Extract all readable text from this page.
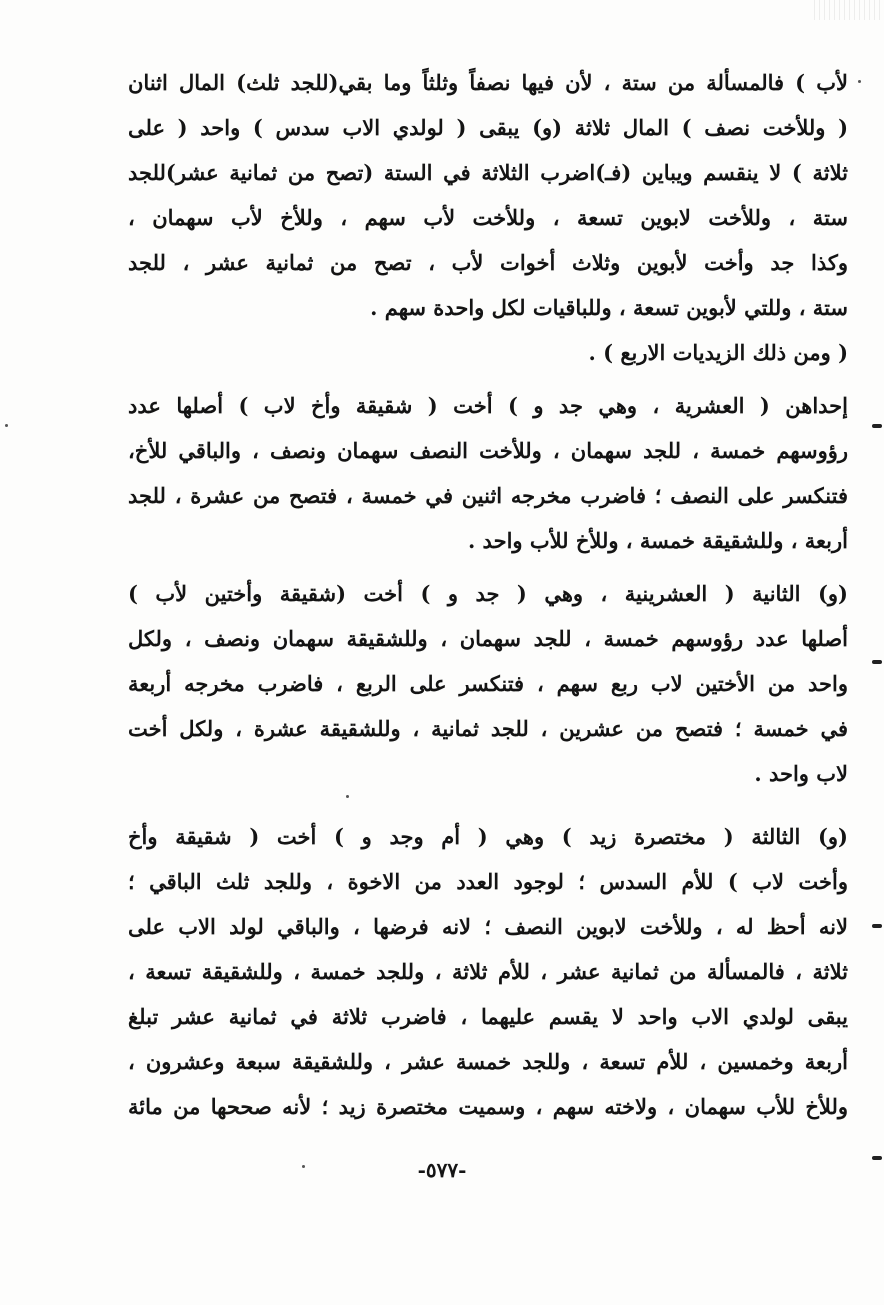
لأب ) فالمسألة من ستة ، لأن فيها نصفاً وثلثاً وما بقي(للجد ثلث) المال اثنان
( وللأخت نصف ) المال ثلاثة (و) يبقى ( لولدي الاب سدس ) واحد ( على
ثلاثة ) لا ينقسم ويباين (فـ)اضرب الثلاثة في الستة (تصح من ثمانية عشر)للجد
ستة ، وللأخت لابوين تسعة ، وللأخت لأب سهم ، وللأخ لأب سهمان ،
وكذا جد وأخت لأبوين وثلاث أخوات لأب ، تصح من ثمانية عشر ، للجد
ستة ، وللتي لأبوين تسعة ، وللباقيات لكل واحدة سهم .
( ومن ذلك الزيديات الاربع ) .
إحداهن ( العشرية ، وهي جد و ) أخت ( شقيقة وأخ لاب ) أصلها عدد
رؤوسهم خمسة ، للجد سهمان ، وللأخت النصف سهمان ونصف ، والباقي للأخ،
فتنكسر على النصف ؛ فاضرب مخرجه اثنين في خمسة ، فتصح من عشرة ، للجد
أربعة ، وللشقيقة خمسة ، وللأخ للأب واحد .
(و) الثانية ( العشرينية ، وهي ( جد و ) أخت (شقيقة وأختين لأب )
أصلها عدد رؤوسهم خمسة ، للجد سهمان ، وللشقيقة سهمان ونصف ، ولكل
واحد من الأختين لاب ربع سهم ، فتنكسر على الربع ، فاضرب مخرجه أربعة
في خمسة ؛ فتصح من عشرين ، للجد ثمانية ، وللشقيقة عشرة ، ولكل أخت
لاب واحد .
(و) الثالثة ( مختصرة زيد ) وهي ( أم وجد و ) أخت ( شقيقة وأخ
وأخت لاب ) للأم السدس ؛ لوجود العدد من الاخوة ، وللجد ثلث الباقي ؛
لانه أحظ له ، وللأخت لابوين النصف ؛ لانه فرضها ، والباقي لولد الاب على
ثلاثة ، فالمسألة من ثمانية عشر ، للأم ثلاثة ، وللجد خمسة ، وللشقيقة تسعة ،
يبقى لولدي الاب واحد لا يقسم عليهما ، فاضرب ثلاثة في ثمانية عشر تبلغ
أربعة وخمسين ، للأم تسعة ، وللجد خمسة عشر ، وللشقيقة سبعة وعشرون ،
وللأخ للأب سهمان ، ولاخته سهم ، وسميت مختصرة زيد ؛ لأنه صححها من مائة
-٥٧٧-
